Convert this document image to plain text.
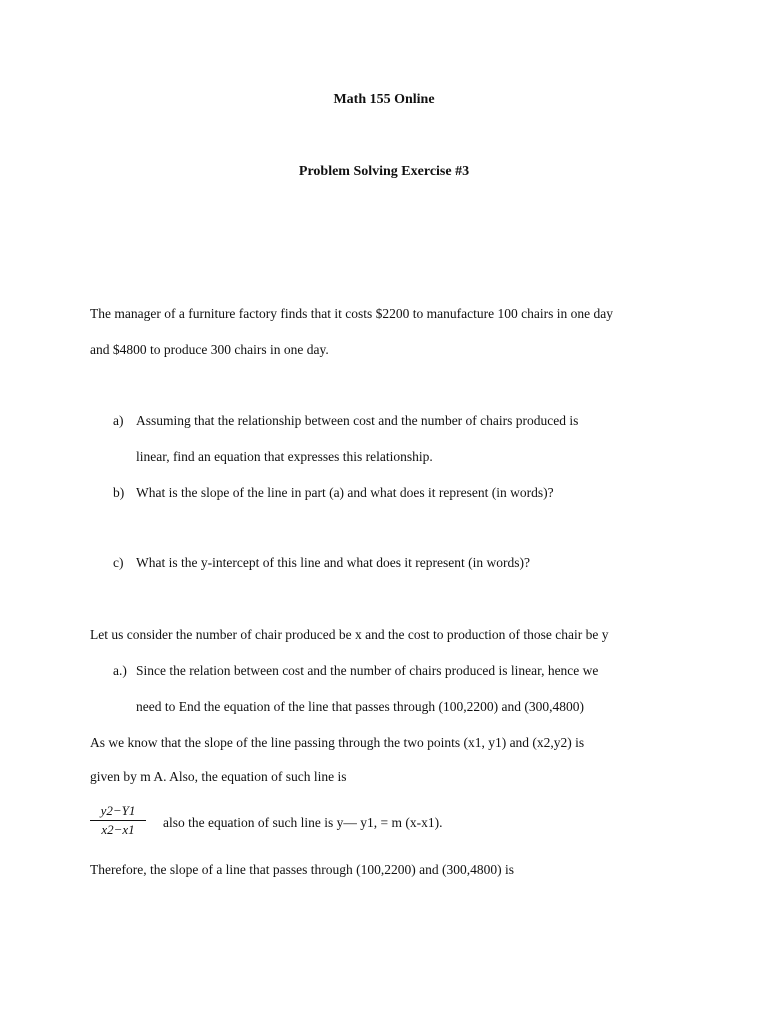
Math 155 Online
Problem Solving Exercise #3
The manager of a furniture factory finds that it costs $2200 to manufacture 100 chairs in one day
and $4800 to produce 300 chairs in one day.
a) Assuming that the relationship between cost and the number of chairs produced is
linear, find an equation that expresses this relationship.
b) What is the slope of the line in part (a) and what does it represent (in words)?
c) What is the y-intercept of this line and what does it represent (in words)?
Let us consider the number of chair produced be x and the cost to production of those chair be y
a.) Since the relation between cost and the number of chairs produced is linear, hence we
need to End the equation of the line that passes through (100,2200) and (300,4800)
As we know that the slope of the line passing through the two points (x1, y1) and (x2,y2) is
given by m A. Also, the equation of such line is
$\frac{y2-Y1}{x2-x1}$ also the equation of such line is y— y1, = m (x-x1).
Therefore, the slope of a line that passes through (100,2200) and (300,4800) is
